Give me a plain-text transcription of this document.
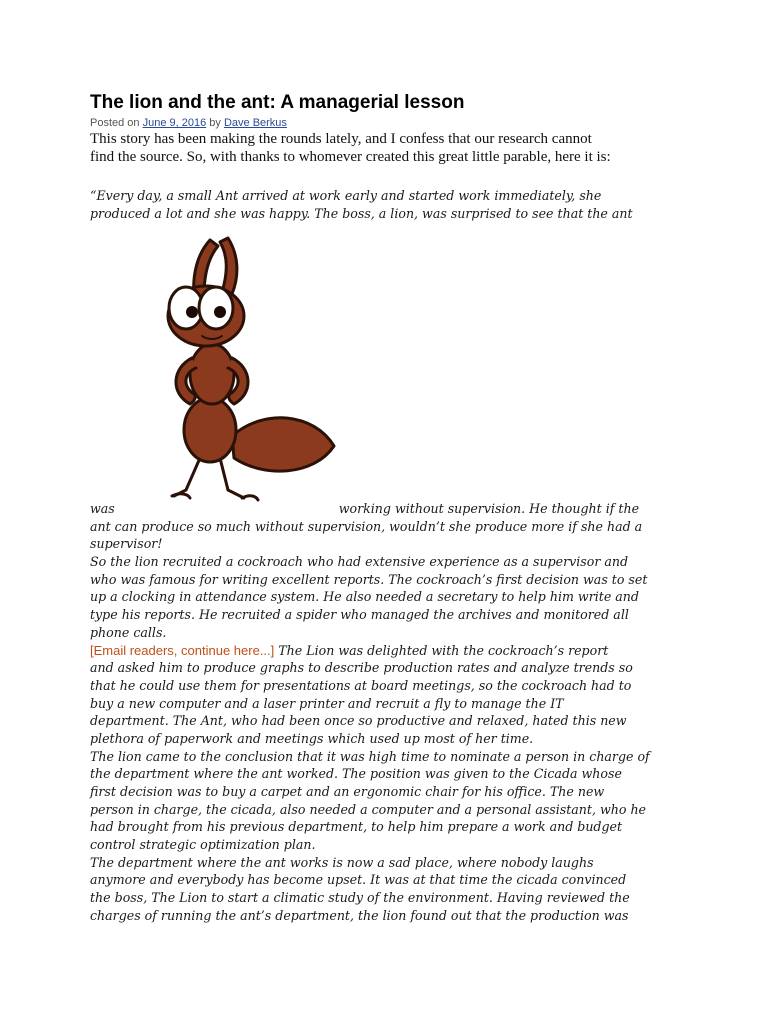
The lion and the ant: A managerial lesson
Posted on June 9, 2016 by Dave Berkus
This story has been making the rounds lately, and I confess that our research cannot
find the source. So, with thanks to whomever created this great little parable, here it is:
“Every day, a small Ant arrived at work early and started work immediately, she
produced a lot and she was happy. The boss, a lion, was surprised to see that the ant
was	working without supervision. He thought if the
ant can produce so much without supervision, wouldn’t she produce more if she had a
supervisor!
So the lion recruited a cockroach who had extensive experience as a supervisor and
who was famous for writing excellent reports. The cockroach’s first decision was to set
up a clocking in attendance system. He also needed a secretary to help him write and
type his reports. He recruited a spider who managed the archives and monitored all
phone calls.
[Email readers, continue here...] The Lion was delighted with the cockroach’s report
and asked him to produce graphs to describe production rates and analyze trends so
that he could use them for presentations at board meetings, so the cockroach had to
buy a new computer and a laser printer and recruit a fly to manage the IT
department. The Ant, who had been once so productive and relaxed, hated this new
plethora of paperwork and meetings which used up most of her time.
The lion came to the conclusion that it was high time to nominate a person in charge of
the department where the ant worked. The position was given to the Cicada whose
first decision was to buy a carpet and an ergonomic chair for his office. The new
person in charge, the cicada, also needed a computer and a personal assistant, who he
had brought from his previous department, to help him prepare a work and budget
control strategic optimization plan.
The department where the ant works is now a sad place, where nobody laughs
anymore and everybody has become upset. It was at that time the cicada convinced
the boss, The Lion to start a climatic study of the environment. Having reviewed the
charges of running the ant’s department, the lion found out that the production was
